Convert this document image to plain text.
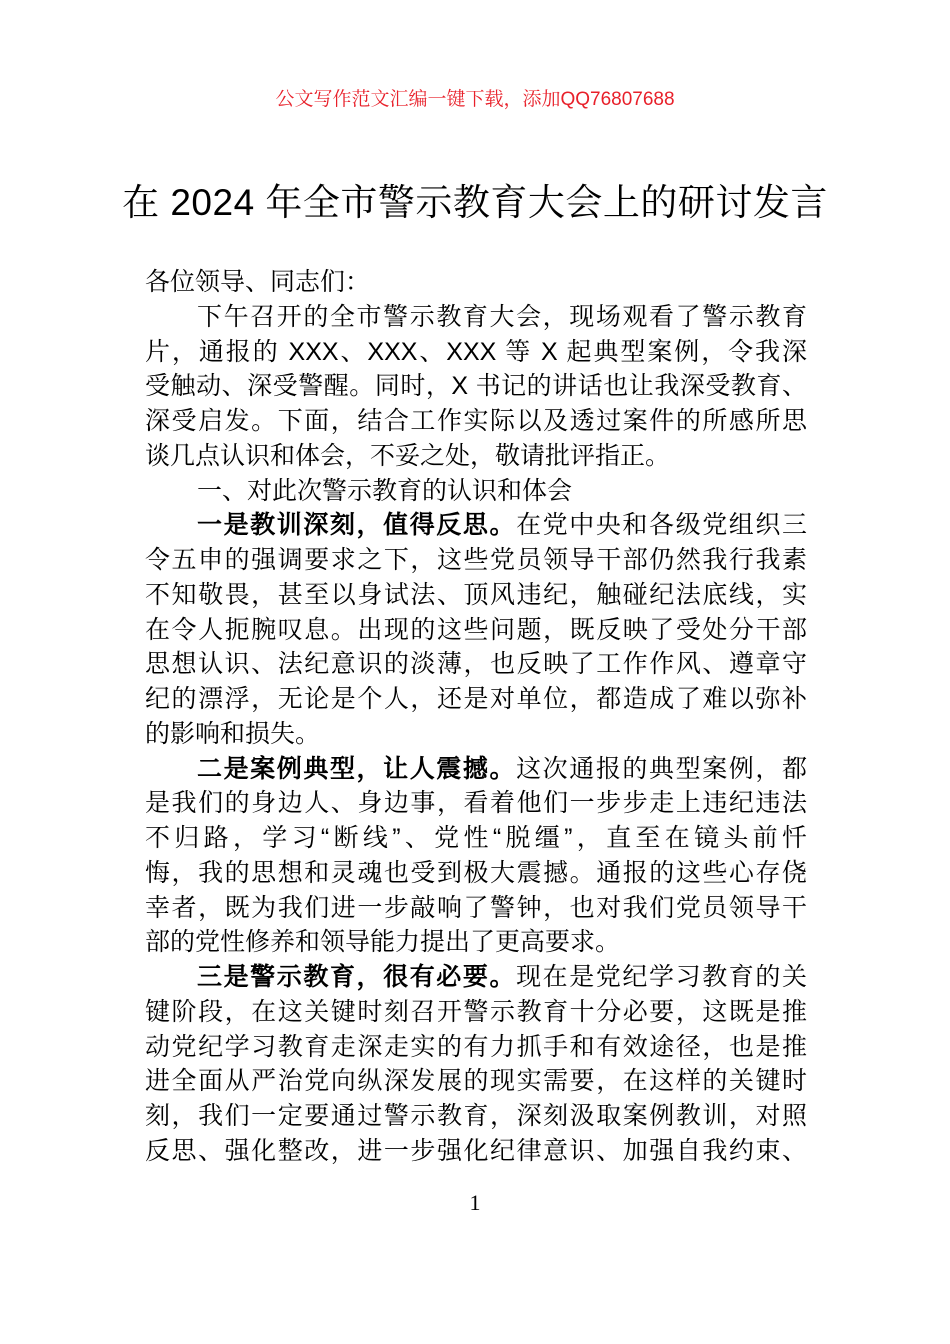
公文写作范文汇编一键下载，添加QQ76807688
在 2024 年全市警示教育大会上的研讨发言
各位领导、同志们：
下午召开的全市警示教育大会，现场观看了警示教育
片，通报的 XXX、XXX、XXX 等 X 起典型案例，令我深
受触动、深受警醒。同时，X 书记的讲话也让我深受教育、
深受启发。下面，结合工作实际以及透过案件的所感所思
谈几点认识和体会，不妥之处，敬请批评指正。
一、对此次警示教育的认识和体会
一是教训深刻，值得反思。在党中央和各级党组织三
令五申的强调要求之下，这些党员领导干部仍然我行我素
不知敬畏，甚至以身试法、顶风违纪，触碰纪法底线，实
在令人扼腕叹息。出现的这些问题，既反映了受处分干部
思想认识、法纪意识的淡薄，也反映了工作作风、遵章守
纪的漂浮，无论是个人，还是对单位，都造成了难以弥补
的影响和损失。
二是案例典型，让人震撼。这次通报的典型案例，都
是我们的身边人、身边事，看着他们一步步走上违纪违法
不归路，学习“断线”、党性“脱缰”，直至在镜头前忏
悔，我的思想和灵魂也受到极大震撼。通报的这些心存侥
幸者，既为我们进一步敲响了警钟，也对我们党员领导干
部的党性修养和领导能力提出了更高要求。
三是警示教育，很有必要。现在是党纪学习教育的关
键阶段，在这关键时刻召开警示教育十分必要，这既是推
动党纪学习教育走深走实的有力抓手和有效途径，也是推
进全面从严治党向纵深发展的现实需要，在这样的关键时
刻，我们一定要通过警示教育，深刻汲取案例教训，对照
反思、强化整改，进一步强化纪律意识、加强自我约束、
1
